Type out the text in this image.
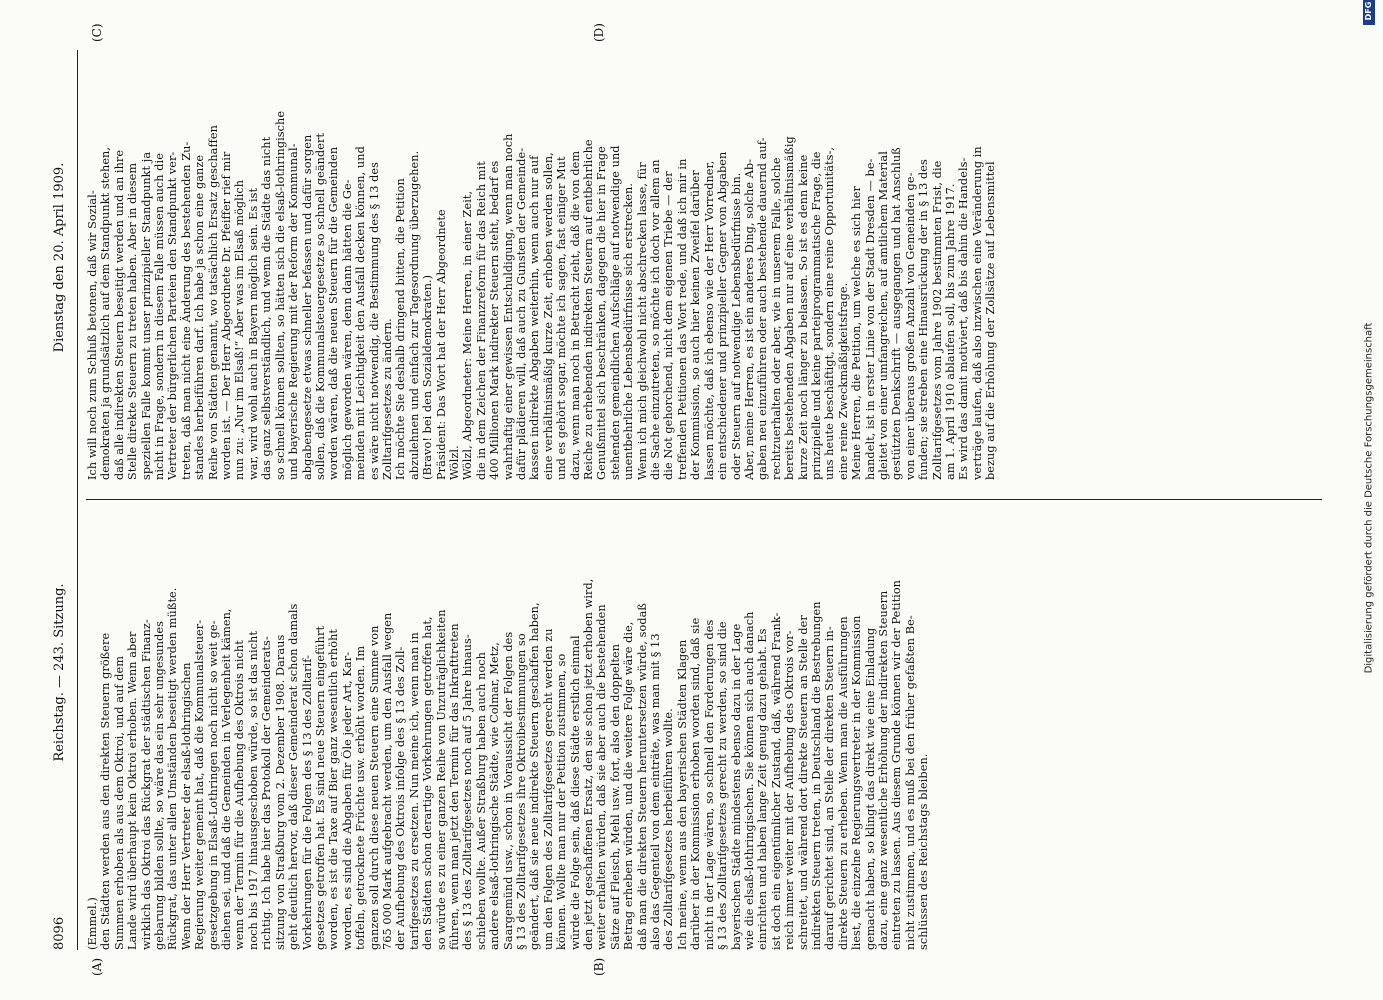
8096
Reichstag. — 243. Sitzung.
Dienstag den 20. April 1909.
(A)	(B)
(C)	(D)
(Emmel.) den Städten werden aus den direkten Steuern größere Summen erhoben als aus dem Oktroi, und auf dem Lande wird überhaupt kein Oktroi erhoben. Wenn aber wirklich das Oktroi das Rückgrat der städtischen Finanz- gebarung bilden sollte, so wäre das ein sehr ungesundes Rückgrat, das unter allen Umständen beseitigt werden müßte. Wenn der Herr Vertreter der elsaß-lothringischen Regierung weiter gemeint hat, daß die Kommunalsteuer- gesetzgebung in Elsaß-Lothringen noch nicht so weit ge- diehen sei, und daß die Gemeinden in Verlegenheit kämen, wenn der Termin für die Aufhebung des Oktrois nicht noch bis 1917 hinausgeschoben würde, so ist das nicht richtig. Ich habe hier das Protokoll der Gemeinderats- sitzung von Straßburg vom 2. Dezember 1908. Daraus geht deutlich hervor, daß dieser Gemeinderat schon damals Vorkehrungen für die Folgen des § 13 des Zolltarif- gesetzes getroffen hat. Es sind neue Steuern eingeführt worden, es ist die Taxe auf Bier ganz wesentlich erhöht worden, es sind die Abgaben für Öle jeder Art, Kar- toffeln, getrocknete Früchte usw. erhöht worden. Im ganzen soll durch diese neuen Steuern eine Summe von 765 000 Mark aufgebracht werden, um den Ausfall wegen der Aufhebung des Oktrois infolge des § 13 des Zoll- tarifgesetzes zu ersetzen. Nun meine ich, wenn man in den Städten schon derartige Vorkehrungen getroffen hat, so würde es zu einer ganzen Reihe von Unzuträglichkeiten führen, wenn man jetzt den Termin für das Inkrafttreten des § 13 des Zolltarifgesetzes noch auf 5 Jahre hinaus- schieben wollte. Außer Straßburg haben auch noch andere elsaß-lothringische Städte, wie Colmar, Metz, Saargemünd usw., schon in Voraussicht der Folgen des § 13 des Zolltarifgesetzes ihre Oktroibestimmungen so geändert, daß sie neue indirekte Steuern geschaffen haben, um den Folgen des Zolltarifgesetzes gerecht werden zu können. Wollte man nur der Petition zustimmen, so würde die Folge sein, daß diese Städte erstlich einmal den jetzt geschaffenen Ersatz, den sie schon jetzt erhoben wird, weiter erhalten würden, daß sie aber auch die bestehenden Sätze auf Fleisch, Mehl usw. fort, also den doppelten Betrag erheben würden, und die weitere Folge wäre die, daß man die direkten Steuern heruntersetzen würde, sodaß also das Gegenteil von dem einträte, was man mit § 13 des Zolltarifgesetzes herbeiführen wollte. Ich meine, wenn aus den bayerischen Städten Klagen darüber in der Kommission erhoben worden sind, daß sie nicht in der Lage wären, so schnell den Forderungen des § 13 des Zolltarifgesetzes gerecht zu werden, so sind die bayerischen Städte mindestens ebenso dazu in der Lage wie die elsaß-lothringischen. Sie können sich auch danach einrichten und haben lange Zeit genug dazu gehabt. Es ist doch ein eigentümlicher Zustand, daß, während Frank- reich immer weiter mit der Aufhebung des Oktrois vor- schreitet, und während dort direkte Steuern an Stelle der indirekten Steuern treten, in Deutschland die Bestrebungen darauf gerichtet sind, an Stelle der direkten Steuern in- direkte Steuern zu erheben. Wenn man die Ausführungen liest, die einzelne Regierungsvertreter in der Kommission gemacht haben, so klingt das direkt wie eine Einladung dazu, eine ganz wesentliche Erhöhung der indirekten Steuern eintreten zu lassen. Aus diesem Grunde können wir der Petition nicht zustimmen, und es muß bei den früher gefaßten Be- schlüssen des Reichstags bleiben.
Ich will noch zum Schluß betonen, daß wir Sozial- demokraten ja grundsätzlich auf dem Standpunkt stehen, daß alle indirekten Steuern beseitigt werden und an ihre Stelle direkte Steuern zu treten haben. Aber in diesem speziellen Falle kommt unser prinzipieller Standpunkt ja nicht in Frage, sondern in diesem Falle müssen auch die Vertreter der bürgerlichen Parteien den Standpunkt ver- treten, daß man nicht eine Änderung des bestehenden Zu- standes herbeiführen darf. Ich habe ja schon eine ganze Reihe von Städten genannt, wo tatsächlich Ersatz geschaffen worden ist. — Der Herr Abgeordnete Dr. Pfeiffer rief mir nun zu: „Nur im Elsaß!“ Aber was im Elsaß möglich war, wird wohl auch in Bayern möglich sein. Es ist das ganz selbstverständlich, und wenn die Städte das nicht so schnell können sollten, so hätten sich die elsaß-lothringische und bayerische Regierung mit der Reform der Kommunal- abgabengesetze etwas schneller befassen und dafür sorgen sollen, daß die Kommunalsteuergesetze so schnell geändert worden wären, daß die neuen Steuern für die Gemeinden möglich geworden wären, denn dann hätten die Ge- meinden mit Leichtigkeit den Ausfall decken können, und es wäre nicht notwendig, die Bestimmung des § 13 des Zolltarifgesetzes zu ändern. Ich möchte Sie deshalb dringend bitten, die Petition abzulehnen und einfach zur Tagesordnung überzugehen. (Bravo! bei den Sozialdemokraten.) Präsident: Das Wort hat der Herr Abgeordnete Wölzl. Wölzl, Abgeordneter: Meine Herren, in einer Zeit, die in dem Zeichen der Finanzreform für das Reich mit 400 Millionen Mark indirekter Steuern steht, bedarf es wahrhaftig einer gewissen Entschuldigung, wenn man noch dafür plädieren will, daß auch zu Gunsten der Gemeinde- kassen indirekte Abgaben weiterhin, wenn auch nur auf eine verhältnismäßig kurze Zeit, erhoben werden sollen, und es gehört sogar, möchte ich sagen, fast einiger Mut dazu, wenn man noch in Betracht zieht, daß die von dem Reiche zu erhebenden indirekten Steuern auf entbehrliche Genußmittel sich beschränken, dagegen die hier in Frage stehenden gemeindlichen Aufschläge auf notwendige und unentbehrliche Lebensbedürfnisse sich erstrecken. Wenn ich mich gleichwohl nicht abschrecken lasse, für die Sache einzutreten, so möchte ich doch vor allem an die Not gehorchend, nicht dem eigenen Triebe — der treffenden Petitionen das Wort rede, und daß ich mir in der Kommission, so auch hier keinen Zweifel darüber lassen möchte, daß ich ebenso wie der Herr Vorredner, ein entschiedener und prinzipieller Gegner von Abgaben oder Steuern auf notwendige Lebensbedürfnisse bin. Aber, meine Herren, es ist ein anderes Ding, solche Ab- gaben neu einzuführen oder auch bestehende dauernd auf- rechtzuerhalten oder aber, wie in unserem Falle, solche bereits bestehenden Abgaben nur auf eine verhältnismäßig kurze Zeit noch länger zu belassen. So ist es denn keine prinzipielle und keine parteiprogrammatische Frage, die uns heute beschäftigt, sondern eine reine Opportunitäts-, eine reine Zweckmäßigkeitsfrage. Meine Herren, die Petition, um welche es sich hier handelt, ist in erster Linie von der Stadt Dresden — be- gleitet von einer umfangreichen, auf amtlichem Material gestützten Denkschrift — ausgegangen und hat Anschluß von einer überaus großen Anzahl von Gemeinden ge- funden; sie streben eine Hinausrückung der in § 13 des Zolltarifgesetzes vom Jahre 1902 bestimmten Frist, die am 1. April 1910 ablaufen soll, bis zum Jahre 1917. Es wird das damit motiviert, daß bis dahin die Handels- verträge laufen, daß also inzwischen eine Veränderung in bezug auf die Erhöhung der Zollsätze auf Lebensmittel
DFG
Digitalisierung gefördert durch die Deutsche Forschungsgemeinschaft
